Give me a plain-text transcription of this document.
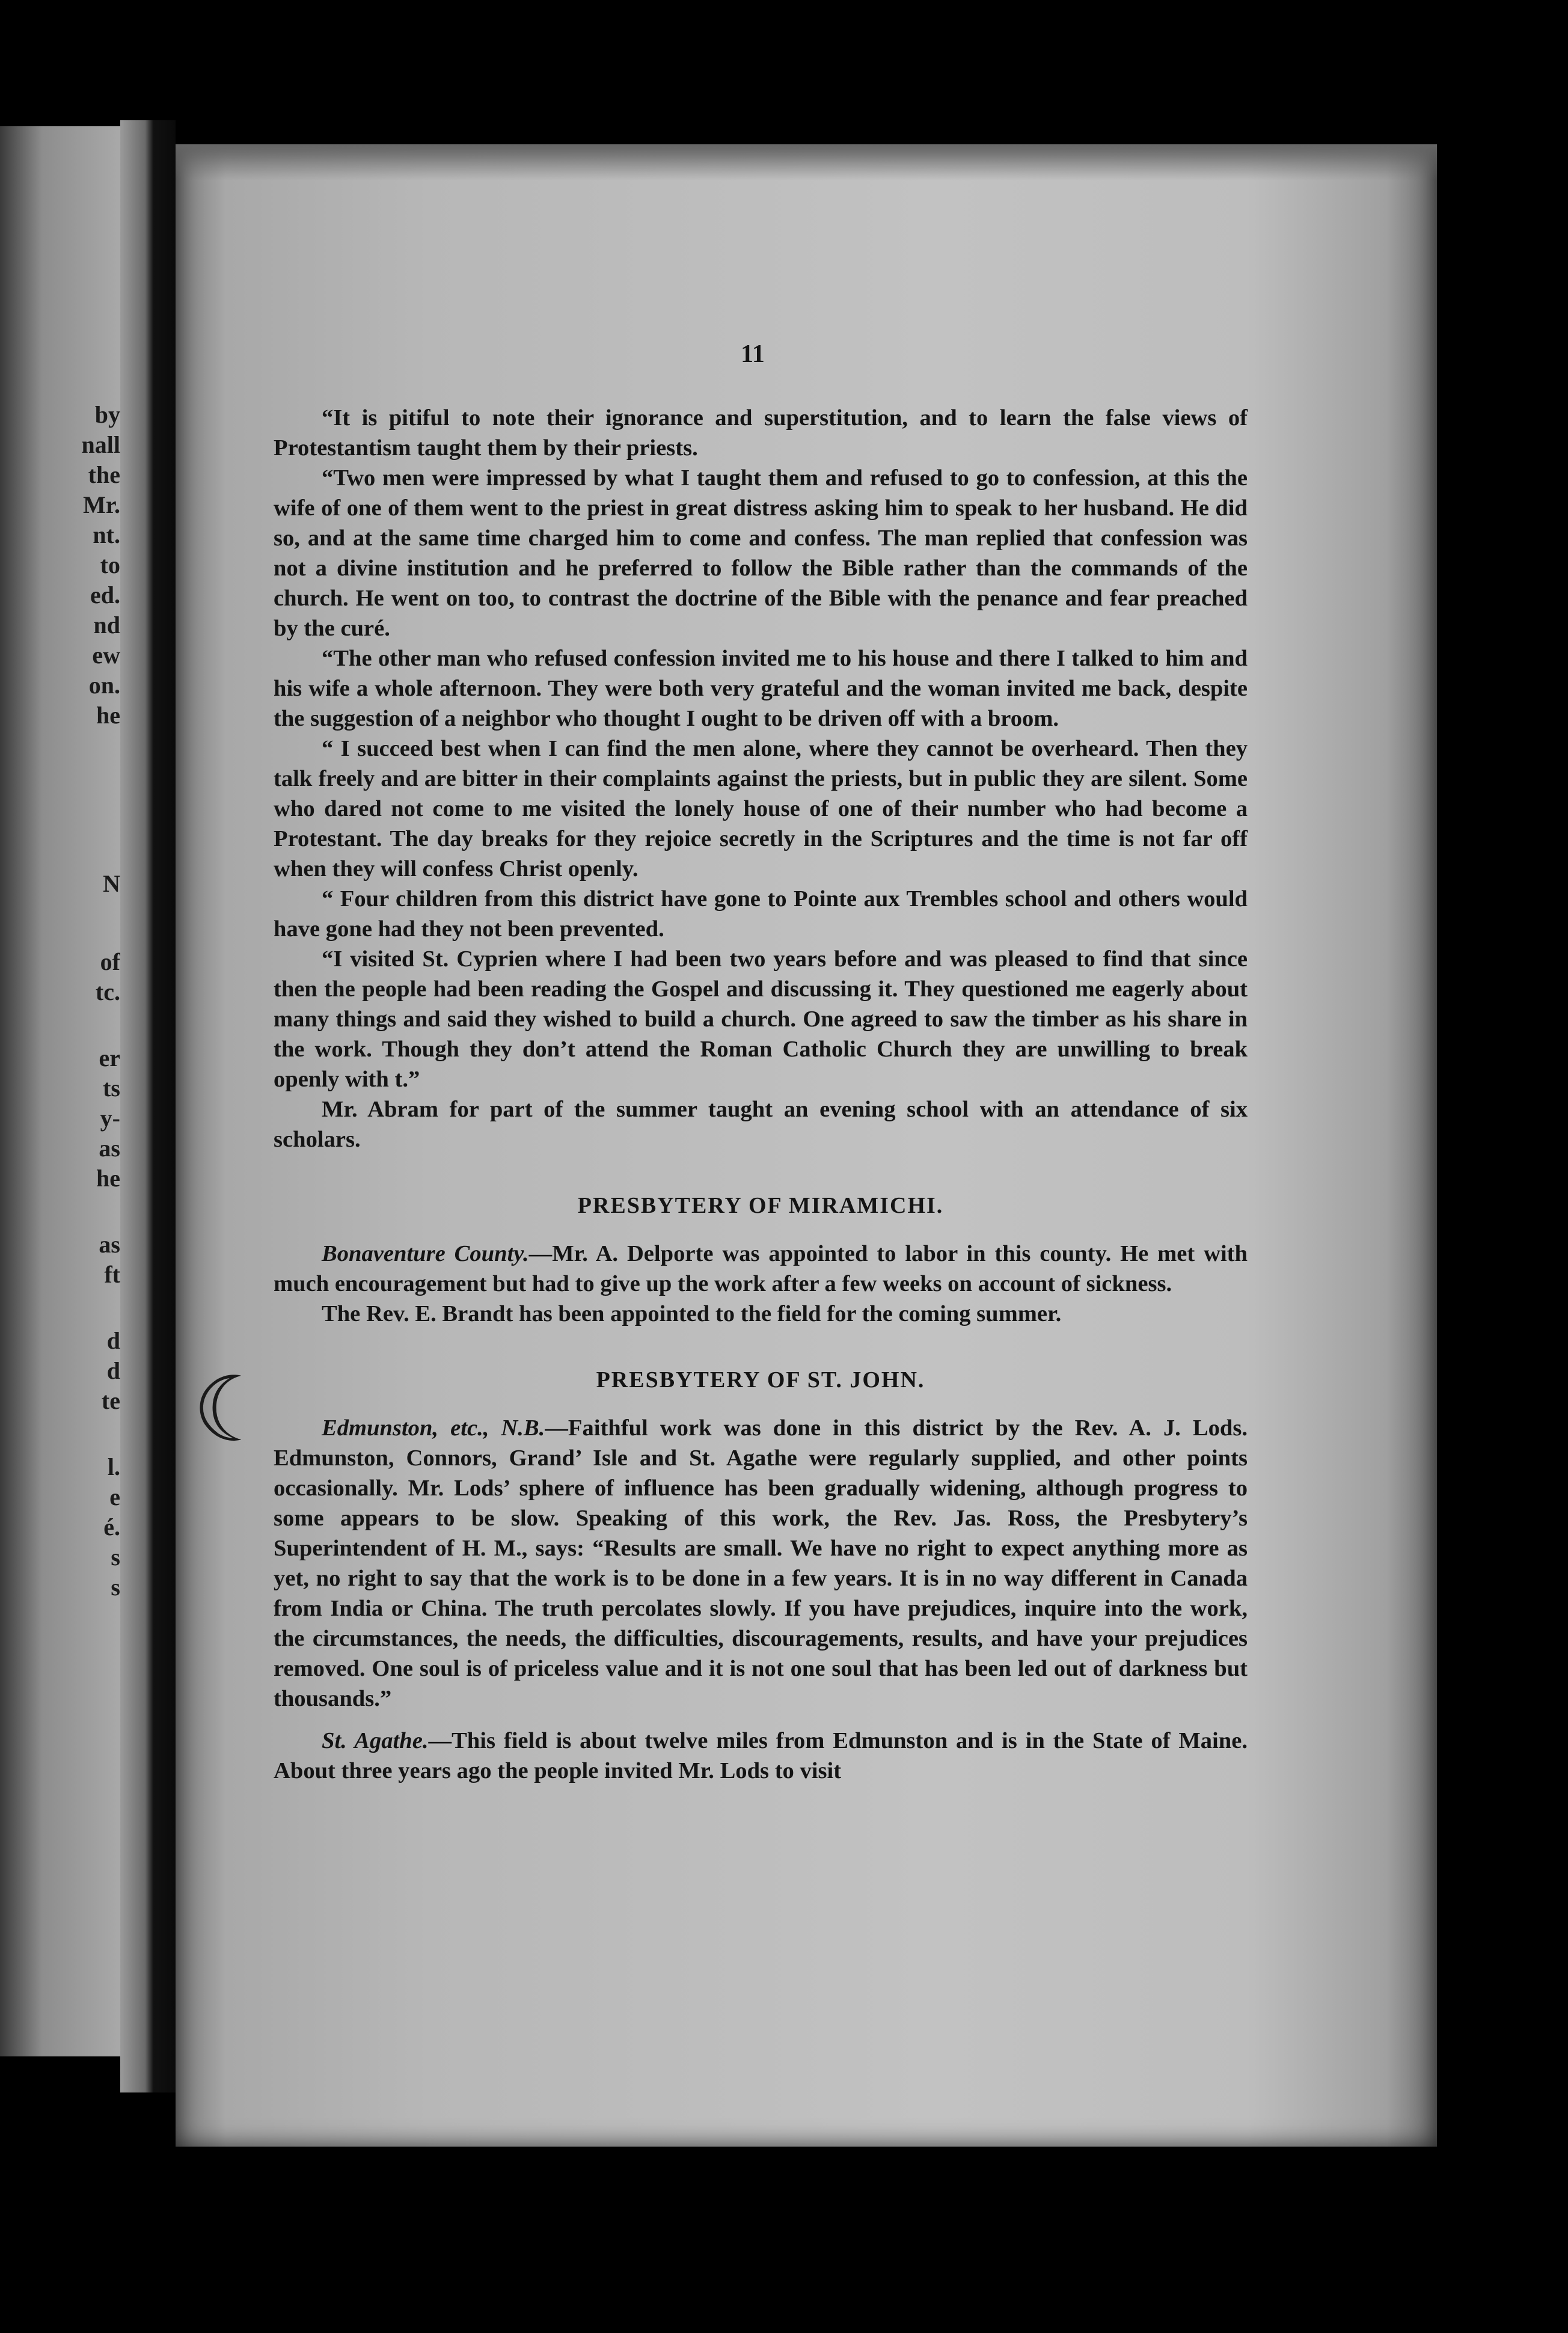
by
nall
the
Mr.
nt.
to
ed.
nd
ew
on.
he
N
of
tc.
er
ts
y-
as
he
as
ft
d
d
te
l.
e
é.
s
s
11

“It is pitiful to note their ignorance and superstitution, and to learn the false views of Protestantism taught them by their priests.

“Two men were impressed by what I taught them and refused to go to confession, at this the wife of one of them went to the priest in great distress asking him to speak to her husband. He did so, and at the same time charged him to come and confess. The man replied that confession was not a divine institution and he preferred to follow the Bible rather than the commands of the church. He went on too, to contrast the doctrine of the Bible with the penance and fear preached by the curé.

“The other man who refused confession invited me to his house and there I talked to him and his wife a whole afternoon. They were both very grateful and the woman invited me back, despite the suggestion of a neighbor who thought I ought to be driven off with a broom.

“ I succeed best when I can find the men alone, where they cannot be overheard. Then they talk freely and are bitter in their complaints against the priests, but in public they are silent. Some who dared not come to me visited the lonely house of one of their number who had become a Protestant. The day breaks for they rejoice secretly in the Scriptures and the time is not far off when they will confess Christ openly.

“ Four children from this district have gone to Pointe aux Trembles school and others would have gone had they not been prevented.

“I visited St. Cyprien where I had been two years before and was pleased to find that since then the people had been reading the Gospel and discussing it. They questioned me eagerly about many things and said they wished to build a church. One agreed to saw the timber as his share in the work. Though they don’t attend the Roman Catholic Church they are unwilling to break openly with t.”

Mr. Abram for part of the summer taught an evening school with an attendance of six scholars.

PRESBYTERY OF MIRAMICHI.

Bonaventure County.—Mr. A. Delporte was appointed to labor in this county. He met with much encouragement but had to give up the work after a few weeks on account of sickness.

The Rev. E. Brandt has been appointed to the field for the coming summer.

PRESBYTERY OF ST. JOHN.

Edmunston, etc., N.B.—Faithful work was done in this district by the Rev. A. J. Lods. Edmunston, Connors, Grand’ Isle and St. Agathe were regularly supplied, and other points occasionally. Mr. Lods’ sphere of influence has been gradually widening, although progress to some appears to be slow. Speaking of this work, the Rev. Jas. Ross, the Presbytery’s Superintendent of H. M., says: “Results are small. We have no right to expect anything more as yet, no right to say that the work is to be done in a few years. It is in no way different in Canada from India or China. The truth percolates slowly. If you have prejudices, inquire into the work, the circumstances, the needs, the difficulties, discouragements, results, and have your prejudices removed. One soul is of priceless value and it is not one soul that has been led out of darkness but thousands.”

St. Agathe.—This field is about twelve miles from Edmunston and is in the State of Maine. About three years ago the people invited Mr. Lods to visit

☾
